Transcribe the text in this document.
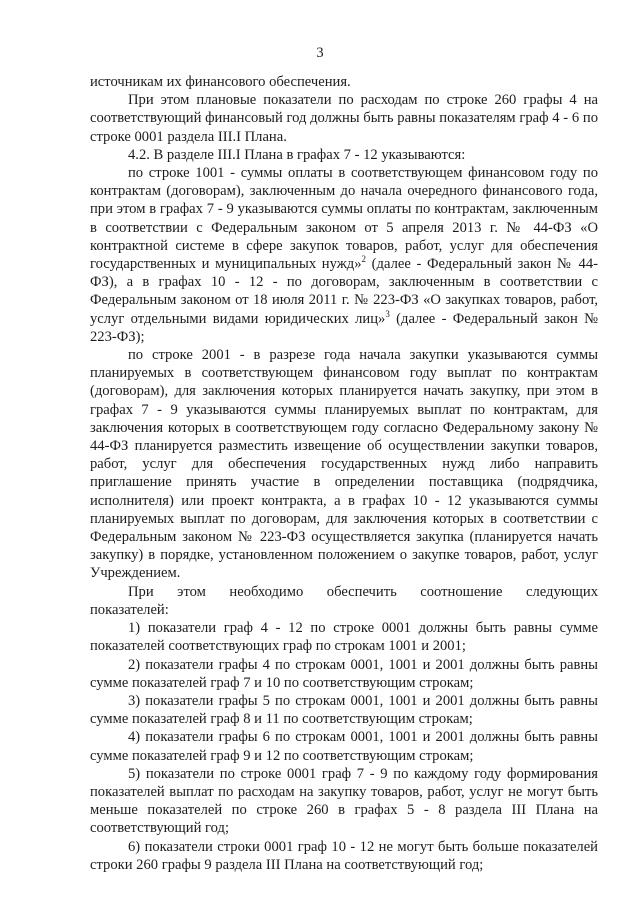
3

источникам их финансового обеспечения.

При этом плановые показатели по расходам по строке 260 графы 4 на соответствующий финансовый год должны быть равны показателям граф 4 - 6 по строке 0001 раздела III.I Плана.

4.2. В разделе III.I Плана в графах 7 - 12 указываются:

по строке 1001 - суммы оплаты в соответствующем финансовом году по контрактам (договорам), заключенным до начала очередного финансового года, при этом в графах 7 - 9 указываются суммы оплаты по контрактам, заключенным в соответствии с Федеральным законом от 5 апреля 2013 г. № 44-ФЗ «О контрактной системе в сфере закупок товаров, работ, услуг для обеспечения государственных и муниципальных нужд»$^2$ (далее - Федеральный закон № 44-ФЗ), а в графах 10 - 12 - по договорам, заключенным в соответствии с Федеральным законом от 18 июля 2011 г. № 223-ФЗ «О закупках товаров, работ, услуг отдельными видами юридических лиц»$^3$ (далее - Федеральный закон № 223-ФЗ);

по строке 2001 - в разрезе года начала закупки указываются суммы планируемых в соответствующем финансовом году выплат по контрактам (договорам), для заключения которых планируется начать закупку, при этом в графах 7 - 9 указываются суммы планируемых выплат по контрактам, для заключения которых в соответствующем году согласно Федеральному закону № 44-ФЗ планируется разместить извещение об осуществлении закупки товаров, работ, услуг для обеспечения государственных нужд либо направить приглашение принять участие в определении поставщика (подрядчика, исполнителя) или проект контракта, а в графах 10 - 12 указываются суммы планируемых выплат по договорам, для заключения которых в соответствии с Федеральным законом № 223-ФЗ осуществляется закупка (планируется начать закупку) в порядке, установленном положением о закупке товаров, работ, услуг Учреждением.

При этом необходимо обеспечить соотношение следующих

показателей:

1) показатели граф 4 - 12 по строке 0001 должны быть равны сумме показателей соответствующих граф по строкам 1001 и 2001;

2) показатели графы 4 по строкам 0001, 1001 и 2001 должны быть равны сумме показателей граф 7 и 10 по соответствующим строкам;

3) показатели графы 5 по строкам 0001, 1001 и 2001 должны быть равны сумме показателей граф 8 и 11 по соответствующим строкам;

4) показатели графы 6 по строкам 0001, 1001 и 2001 должны быть равны сумме показателей граф 9 и 12 по соответствующим строкам;

5) показатели по строке 0001 граф 7 - 9 по каждому году формирования показателей выплат по расходам на закупку товаров, работ, услуг не могут быть меньше показателей по строке 260 в графах 5 - 8 раздела III Плана на соответствующий год;

6) показатели строки 0001 граф 10 - 12 не могут быть больше показателей строки 260 графы 9 раздела III Плана на соответствующий год;
